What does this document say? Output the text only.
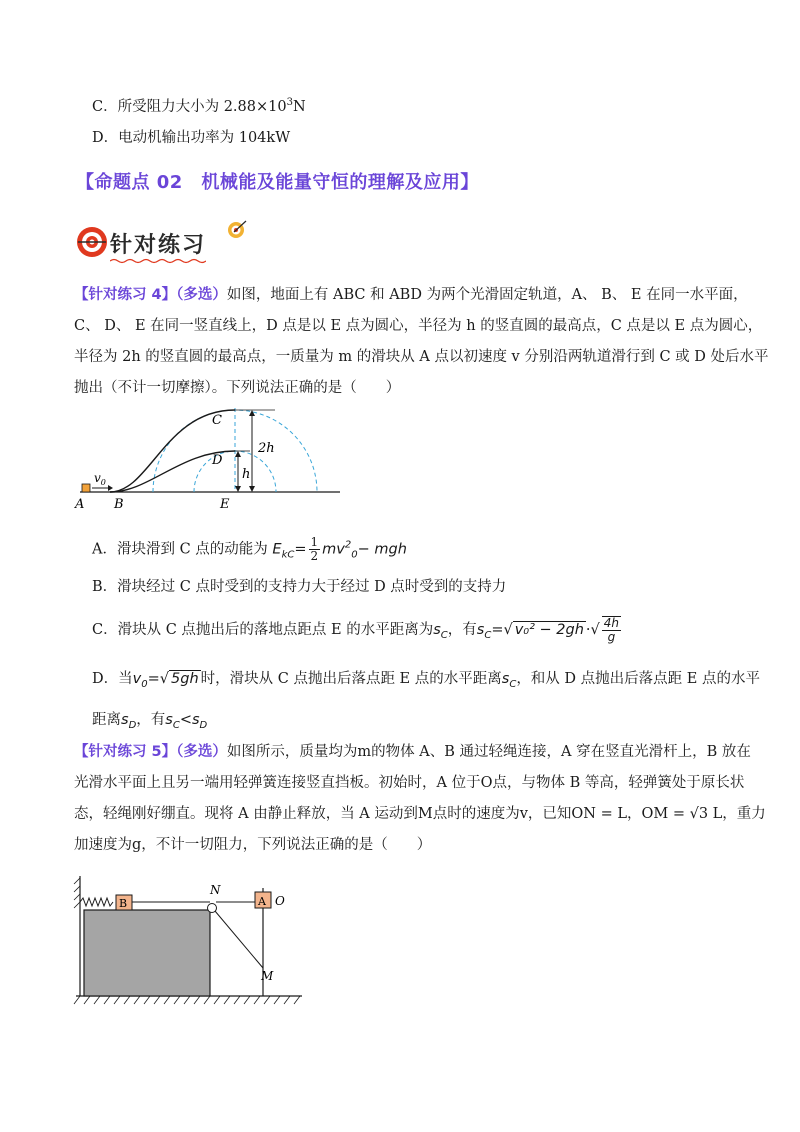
C．所受阻力大小为 $2.88\times 10^3N$
D．电动机输出功率为 104kW
【命题点 02　机械能及能量守恒的理解及应用】
针对练习
【针对练习 4】（多选）如图，地面上有 ABC 和 ABD 为两个光滑固定轨道，A、 B、 E 在同一水平面，
C、 D、 E 在同一竖直线上，D 点是以 E 点为圆心，半径为 h 的竖直圆的最高点，C 点是以 E 点为圆心，
半径为 2h 的竖直圆的最高点，一质量为 m 的滑块从 A 点以初速度 v 分别沿两轨道滑行到 C 或 D 处后水平
抛出（不计一切摩擦）。下列说法正确的是（　　）
A B	E
C
D
2h
h
$v_0$
A．滑块滑到 C 点的动能为 $E_{kC}= \frac{1}{2} mv^2_0-$ mgh
B．滑块经过 C 点时受到的支持力大于经过 D 点时受到的支持力
C．滑块从 C 点抛出后的落地点距点 E 的水平距离为$s_C$，有$s_C=√$ v₀² − 2gh ·√ $\frac{4h}{g}$
D．当$v_0=√$ 5gh 时，滑块从 C 点抛出后落点距 E 点的水平距离$s_C$，和从 D 点抛出后落点距 E 点的水平
距离$s_D$，有$s_C<s_D$
【针对练习 5】（多选）如图所示，质量均为m的物体 A、B 通过轻绳连接，A 穿在竖直光滑杆上，B 放在
光滑水平面上且另一端用轻弹簧连接竖直挡板。初始时，A 位于O点，与物体 B 等高，轻弹簧处于原长状
态，轻绳刚好绷直。现将 A 由静止释放，当 A 运动到M点时的速度为v，已知ON = L，OM = √3 L，重力
加速度为g，不计一切阻力，下列说法正确的是（　　）
B
N
A O
M
